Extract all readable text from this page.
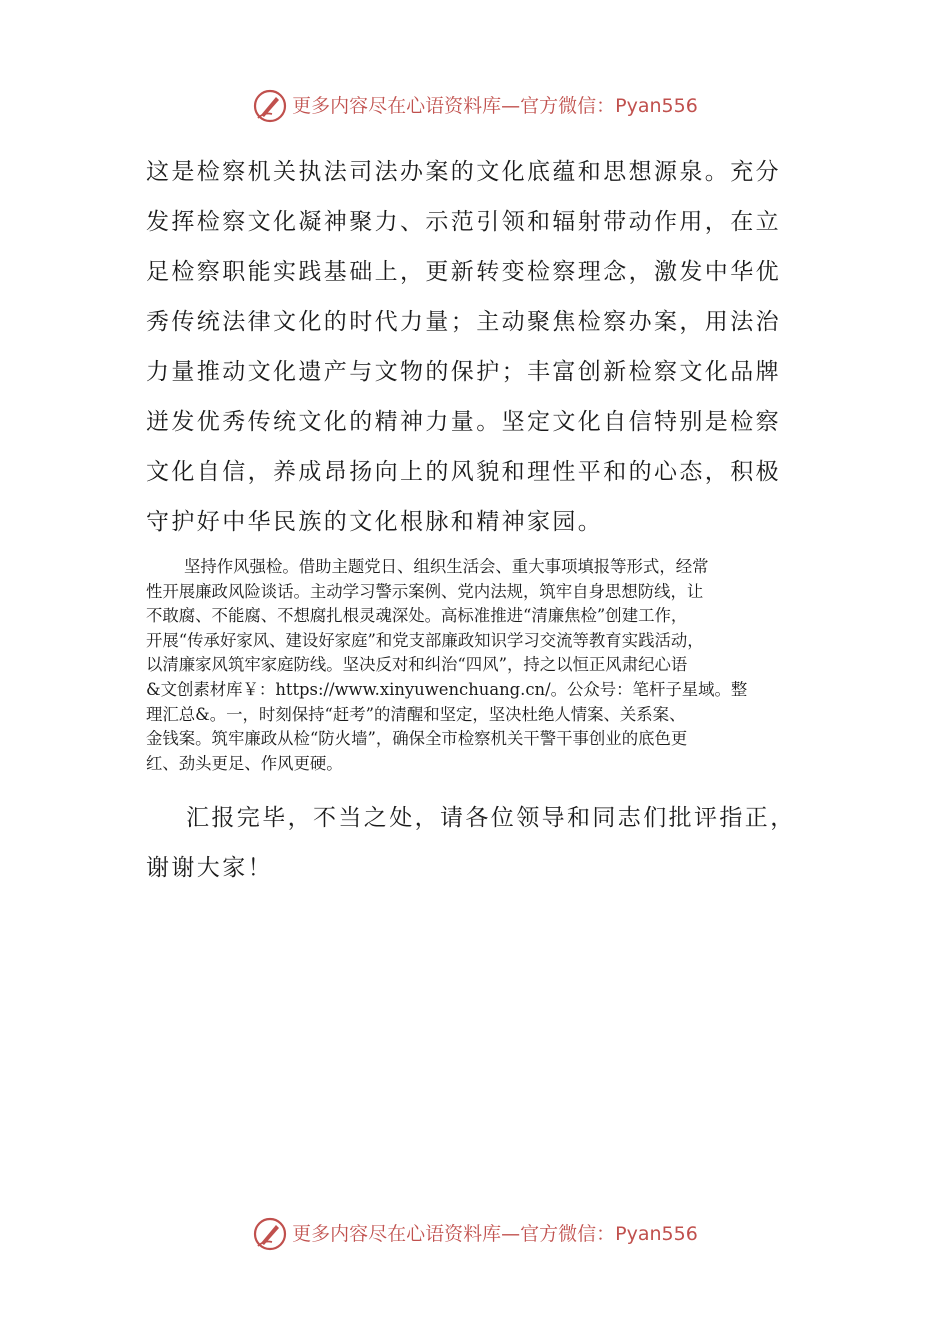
更多内容尽在心语资料库—官方微信：Pyan556
这是检察机关执法司法办案的文化底蕴和思想源泉。充分
发挥检察文化凝神聚力、示范引领和辐射带动作用，在立
足检察职能实践基础上，更新转变检察理念，激发中华优
秀传统法律文化的时代力量；主动聚焦检察办案，用法治
力量推动文化遗产与文物的保护；丰富创新检察文化品牌
迸发优秀传统文化的精神力量。坚定文化自信特别是检察
文化自信，养成昂扬向上的风貌和理性平和的心态，积极
守护好中华民族的文化根脉和精神家园。
坚持作风强检。借助主题党日、组织生活会、重大事项填报等形式，经常
性开展廉政风险谈话。主动学习警示案例、党内法规，筑牢自身思想防线，让
不敢腐、不能腐、不想腐扎根灵魂深处。高标准推进“清廉焦检”创建工作，
开展“传承好家风、建设好家庭”和党支部廉政知识学习交流等教育实践活动，
以清廉家风筑牢家庭防线。坚决反对和纠治“四风”，持之以恒正风肃纪心语
&文创素材库￥：https://www.xinyuwenchuang.cn/。公众号：笔杆子星域。整
理汇总&。一，时刻保持“赶考”的清醒和坚定，坚决杜绝人情案、关系案、
金钱案。筑牢廉政从检“防火墙”，确保全市检察机关干警干事创业的底色更
红、劲头更足、作风更硬。
汇报完毕，不当之处，请各位领导和同志们批评指正，
谢谢大家！
更多内容尽在心语资料库—官方微信：Pyan556
